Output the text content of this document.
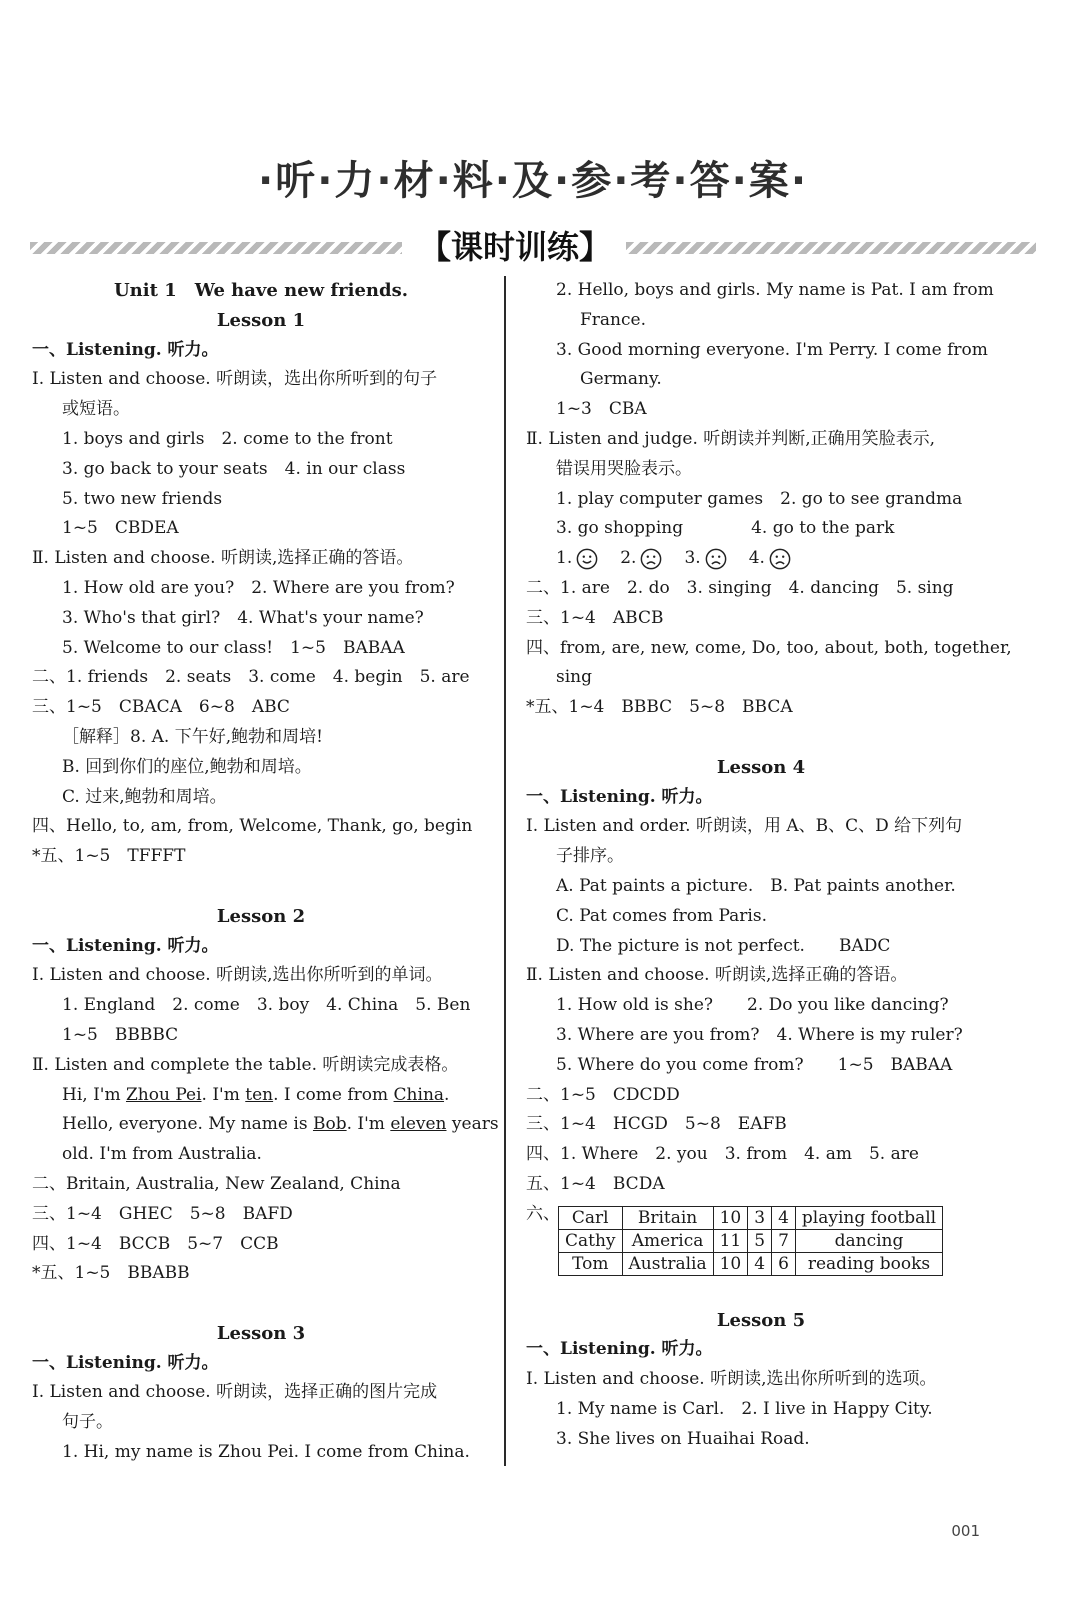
·听·力·材·料·及·参·考·答·案·
【课时训练】
Unit 1　We have new friends.
Lesson 1
一、Listening. 听力。
Ⅰ. Listen and choose. 听朗读，选出你所听到的句子
或短语。
1. boys and girls　2. come to the front
3. go back to your seats　4. in our class
5. two new friends
1~5　CBDEA
Ⅱ. Listen and choose. 听朗读,选择正确的答语。
1. How old are you?　2. Where are you from?
3. Who's that girl?　4. What's your name?
5. Welcome to our class!　1~5　BABAA
二、1. friends　2. seats　3. come　4. begin　5. are
三、1~5　CBACA　6~8　ABC
［解释］8. A. 下午好,鲍勃和周培!
B. 回到你们的座位,鲍勃和周培。
C. 过来,鲍勃和周培。
四、Hello, to, am, from, Welcome, Thank, go, begin
*五、1~5　TFFFT
Lesson 2
一、Listening. 听力。
Ⅰ. Listen and choose. 听朗读,选出你所听到的单词。
1. England　2. come　3. boy　4. China　5. Ben
1~5　BBBBC
Ⅱ. Listen and complete the table. 听朗读完成表格。
Hi, I'm Zhou Pei. I'm ten. I come from China.
Hello, everyone. My name is Bob. I'm eleven years
old. I'm from Australia.
二、Britain, Australia, New Zealand, China
三、1~4　GHEC　5~8　BAFD
四、1~4　BCCB　5~7　CCB
*五、1~5　BBABB
Lesson 3
一、Listening. 听力。
Ⅰ. Listen and choose. 听朗读，选择正确的图片完成
句子。
1. Hi, my name is Zhou Pei. I come from China.
2. Hello, boys and girls. My name is Pat. I am from
France.
3. Good morning everyone. I'm Perry. I come from
Germany.
1~3　CBA
Ⅱ. Listen and judge. 听朗读并判断,正确用笑脸表示,
错误用哭脸表示。
1. play computer games　2. go to see grandma
3. go shopping　　　　4. go to the park
1.	2.	3.	4.
二、1. are　2. do　3. singing　4. dancing　5. sing
三、1~4　ABCB
四、from, are, new, come, Do, too, about, both, together,
sing
*五、1~4　BBBC　5~8　BBCA
Lesson 4
一、Listening. 听力。
Ⅰ. Listen and order. 听朗读，用 A、B、C、D 给下列句
子排序。
A. Pat paints a picture.　B. Pat paints another.
C. Pat comes from Paris.
D. The picture is not perfect.　　BADC
Ⅱ. Listen and choose. 听朗读,选择正确的答语。
1. How old is she?　　2. Do you like dancing?
3. Where are you from?　4. Where is my ruler?
5. Where do you come from?　　1~5　BABAA
二、1~5　CDCDD
三、1~4　HCGD　5~8　EAFB
四、1. Where　2. you　3. from　4. am　5. are
五、1~4　BCDA
六、 Carl	Britain	10	3	4	playing football
Cathy	America	11	5	7	dancing
Tom	Australia	10	4	6	reading books
Lesson 5
一、Listening. 听力。
Ⅰ. Listen and choose. 听朗读,选出你所听到的选项。
1. My name is Carl.　2. I live in Happy City.
3. She lives on Huaihai Road.
001
